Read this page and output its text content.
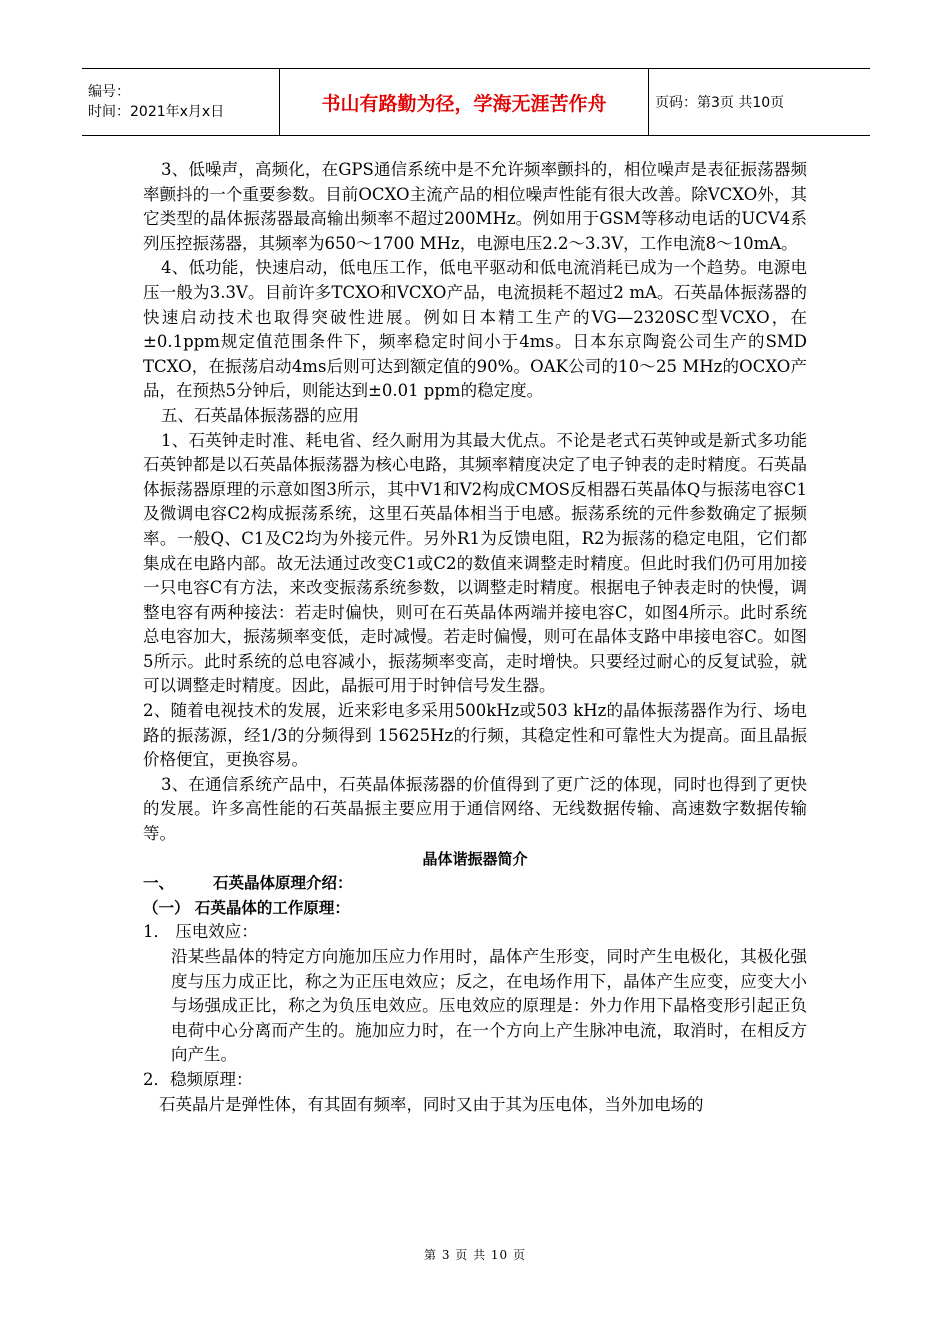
编号：
时间：2021年x月x日	书山有路勤为径，学海无涯苦作舟	页码：第3页 共10页

3、低噪声，高频化，在GPS通信系统中是不允许频率颤抖的，相位噪声是表征振荡器频率颤抖的一个重要参数。目前OCXO主流产品的相位噪声性能有很大改善。除VCXO外，其它类型的晶体振荡器最高输出频率不超过200MHz。例如用于GSM等移动电话的UCV4系列压控振荡器，其频率为650～1700 MHz，电源电压2.2～3.3V，工作电流8～10mA。

4、低功能，快速启动，低电压工作，低电平驱动和低电流消耗已成为一个趋势。电源电压一般为3.3V。目前许多TCXO和VCXO产品，电流损耗不超过2 mA。石英晶体振荡器的快速启动技术也取得突破性进展。例如日本精工生产的VG—2320SC型VCXO，在±0.1ppm规定值范围条件下，频率稳定时间小于4ms。日本东京陶瓷公司生产的SMD TCXO，在振荡启动4ms后则可达到额定值的90%。OAK公司的10～25 MHz的OCXO产品，在预热5分钟后，则能达到±0.01 ppm的稳定度。

五、石英晶体振荡器的应用

1、石英钟走时准、耗电省、经久耐用为其最大优点。不论是老式石英钟或是新式多功能石英钟都是以石英晶体振荡器为核心电路，其频率精度决定了电子钟表的走时精度。石英晶体振荡器原理的示意如图3所示，其中V1和V2构成CMOS反相器石英晶体Q与振荡电容C1及微调电容C2构成振荡系统，这里石英晶体相当于电感。振荡系统的元件参数确定了振频率。一般Q、C1及C2均为外接元件。另外R1为反馈电阻，R2为振荡的稳定电阻，它们都集成在电路内部。故无法通过改变C1或C2的数值来调整走时精度。但此时我们仍可用加接一只电容C有方法，来改变振荡系统参数，以调整走时精度。根据电子钟表走时的快慢，调整电容有两种接法：若走时偏快，则可在石英晶体两端并接电容C，如图4所示。此时系统总电容加大，振荡频率变低，走时减慢。若走时偏慢，则可在晶体支路中串接电容C。如图5所示。此时系统的总电容减小，振荡频率变高，走时增快。只要经过耐心的反复试验，就可以调整走时精度。因此，晶振可用于时钟信号发生器。

2、随着电视技术的发展，近来彩电多采用500kHz或503 kHz的晶体振荡器作为行、场电路的振荡源，经1/3的分频得到 15625Hz的行频，其稳定性和可靠性大为提高。面且晶振价格便宜，更换容易。

3、在通信系统产品中，石英晶体振荡器的价值得到了更广泛的体现，同时也得到了更快的发展。许多高性能的石英晶振主要应用于通信网络、无线数据传输、高速数字数据传输等。

晶体谐振器简介

一、	石英晶体原理介绍：

（一） 石英晶体的工作原理：

1． 压电效应：

沿某些晶体的特定方向施加压应力作用时，晶体产生形变，同时产生电极化，其极化强度与压力成正比，称之为正压电效应；反之，在电场作用下，晶体产生应变，应变大小与场强成正比，称之为负压电效应。压电效应的原理是：外力作用下晶格变形引起正负电荷中心分离而产生的。施加应力时，在一个方向上产生脉冲电流，取消时，在相反方向产生。

2．稳频原理：

石英晶片是弹性体，有其固有频率，同时又由于其为压电体，当外加电场的

第 3 页 共 10 页
